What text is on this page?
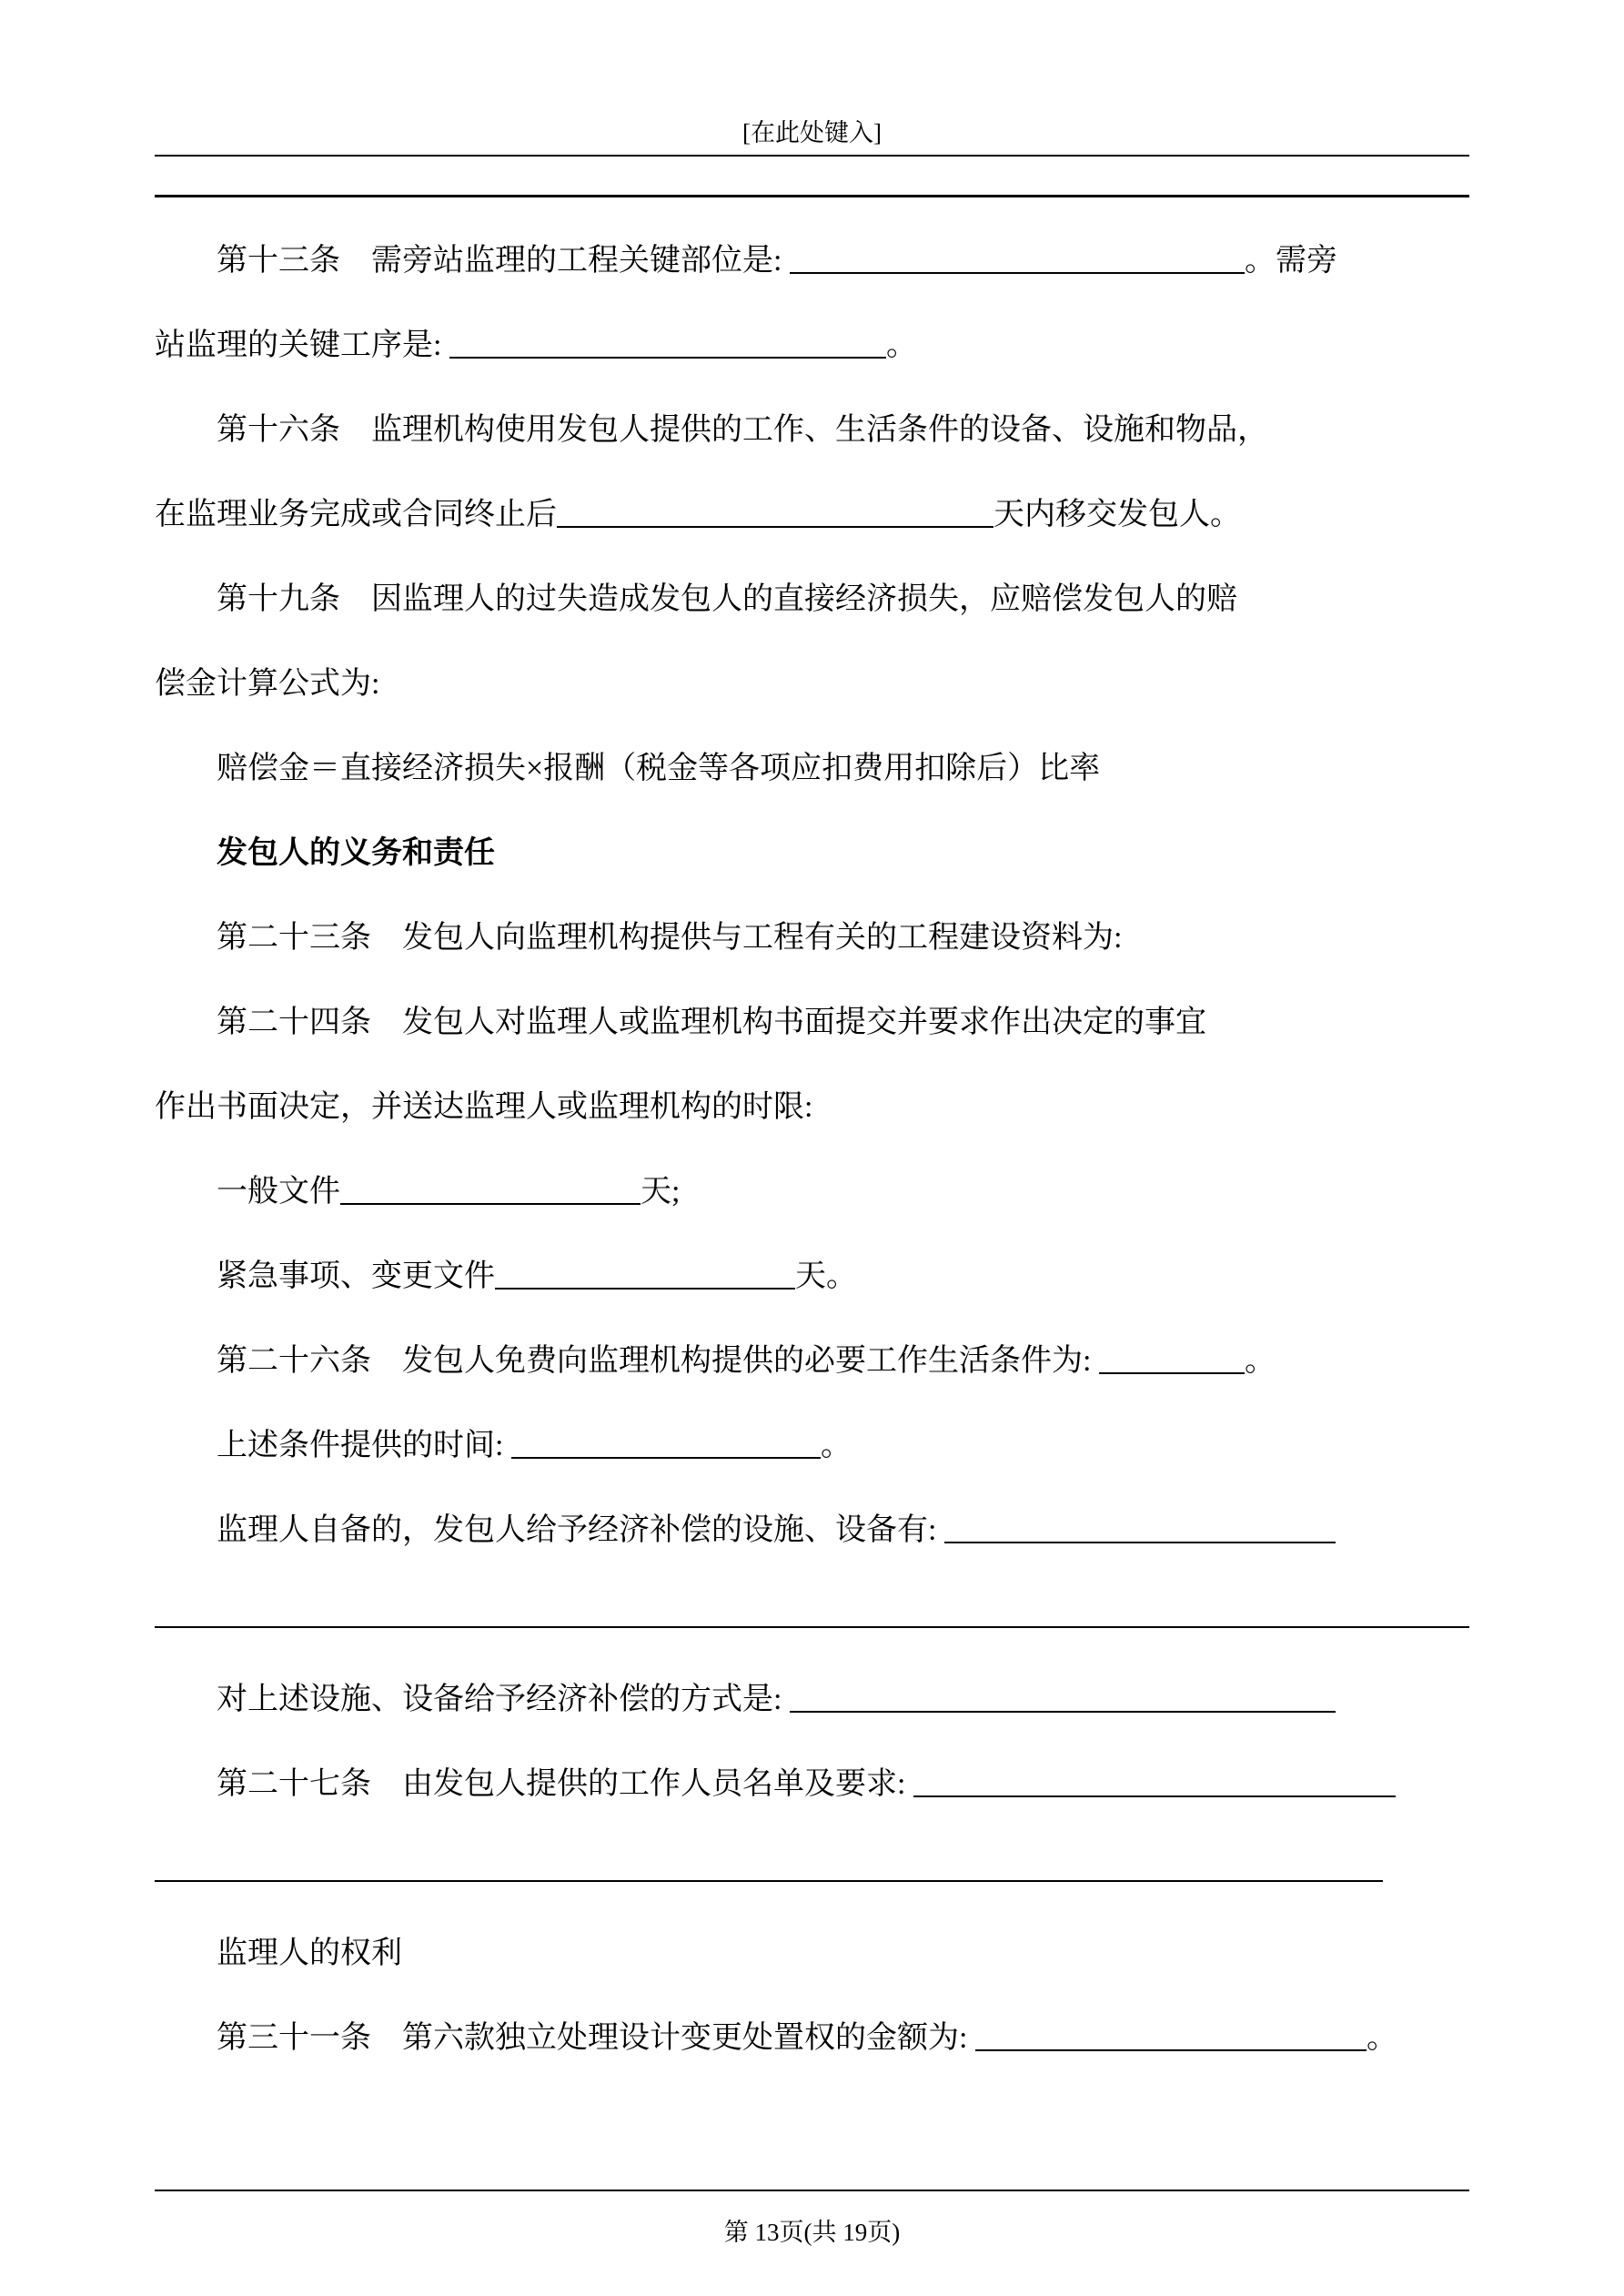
[在此处键入]
第十三条　需旁站监理的工程关键部位是:	。需旁
站监理的关键工序是:	。
第十六条　监理机构使用发包人提供的工作、生活条件的设备、设施和物品，
在监理业务完成或合同终止后	天内移交发包人。
第十九条　因监理人的过失造成发包人的直接经济损失，应赔偿发包人的赔
偿金计算公式为:
赔偿金＝直接经济损失×报酬（税金等各项应扣费用扣除后）比率
发包人的义务和责任
第二十三条　发包人向监理机构提供与工程有关的工程建设资料为:
第二十四条　发包人对监理人或监理机构书面提交并要求作出决定的事宜
作出书面决定，并送达监理人或监理机构的时限:
一般文件	天;
紧急事项、变更文件	天。
第二十六条　发包人免费向监理机构提供的必要工作生活条件为:	。
上述条件提供的时间:	。
监理人自备的，发包人给予经济补偿的设施、设备有:
对上述设施、设备给予经济补偿的方式是:
第二十七条　由发包人提供的工作人员名单及要求:
监理人的权利
第三十一条　第六款独立处理设计变更处置权的金额为:	。
第 13页(共 19页)
